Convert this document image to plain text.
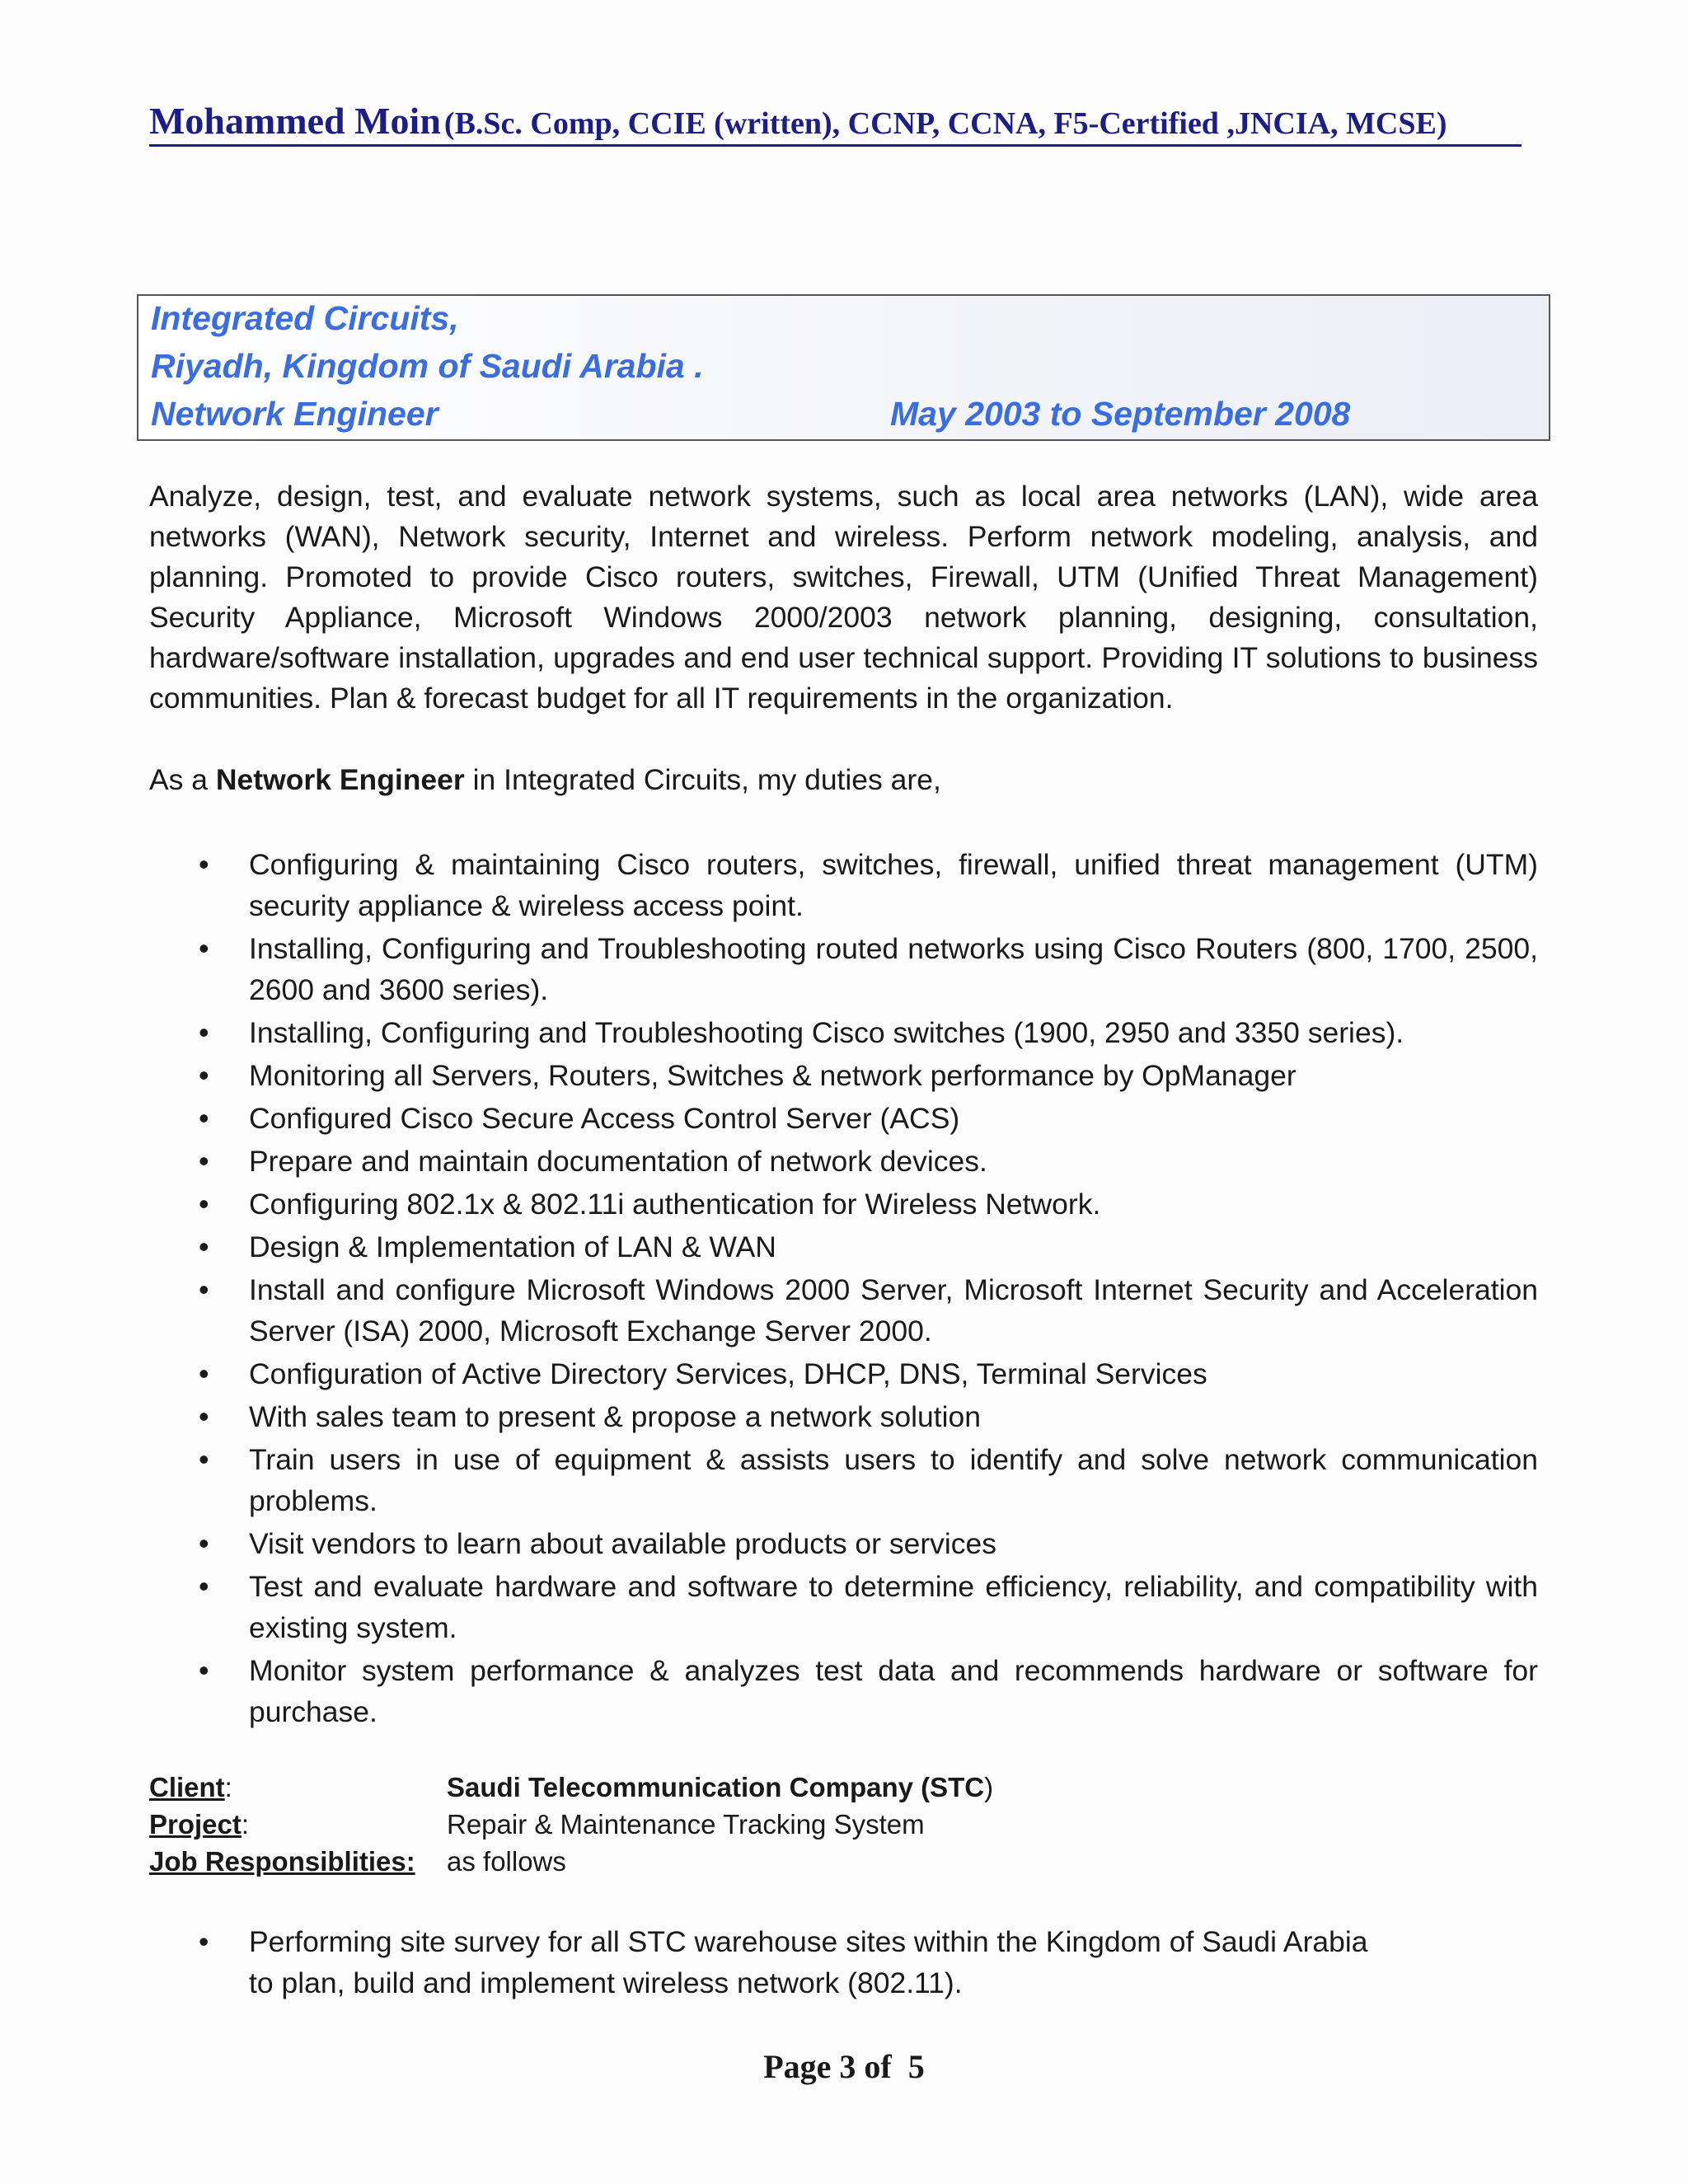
Mohammed Moin (B.Sc. Comp, CCIE (written), CCNP, CCNA, F5-Certified ,JNCIA, MCSE)
Integrated Circuits,
Riyadh, Kingdom of Saudi Arabia .
Network Engineer	May 2003 to September 2008

Analyze, design, test, and evaluate network systems, such as local area networks (LAN), wide area networks (WAN), Network security, Internet and wireless. Perform network modeling, analysis, and planning. Promoted to provide Cisco routers, switches, Firewall, UTM (Unified Threat Management) Security Appliance, Microsoft Windows 2000/2003 network planning, designing, consultation, hardware/software installation, upgrades and end user technical support. Providing IT solutions to business communities. Plan & forecast budget for all IT requirements in the organization.

As a Network Engineer in Integrated Circuits, my duties are,

• Configuring & maintaining Cisco routers, switches, firewall, unified threat management (UTM) security appliance & wireless access point.
• Installing, Configuring and Troubleshooting routed networks using Cisco Routers (800, 1700, 2500, 2600 and 3600 series).
• Installing, Configuring and Troubleshooting Cisco switches (1900, 2950 and 3350 series).
• Monitoring all Servers, Routers, Switches & network performance by OpManager
• Configured Cisco Secure Access Control Server (ACS)
• Prepare and maintain documentation of network devices.
• Configuring 802.1x & 802.11i authentication for Wireless Network.
• Design & Implementation of LAN & WAN
• Install and configure Microsoft Windows 2000 Server, Microsoft Internet Security and Acceleration Server (ISA) 2000, Microsoft Exchange Server 2000.
• Configuration of Active Directory Services, DHCP, DNS, Terminal Services
• With sales team to present & propose a network solution
• Train users in use of equipment & assists users to identify and solve network communication problems.
• Visit vendors to learn about available products or services
• Test and evaluate hardware and software to determine efficiency, reliability, and compatibility with existing system.
• Monitor system performance & analyzes test data and recommends hardware or software for purchase.
Client:	Saudi Telecommunication Company (STC)
Project:	Repair & Maintenance Tracking System
Job Responsiblities: as follows
• Performing site survey for all STC warehouse sites within the Kingdom of Saudi Arabia
to plan, build and implement wireless network (802.11).
Page 3 of  5
